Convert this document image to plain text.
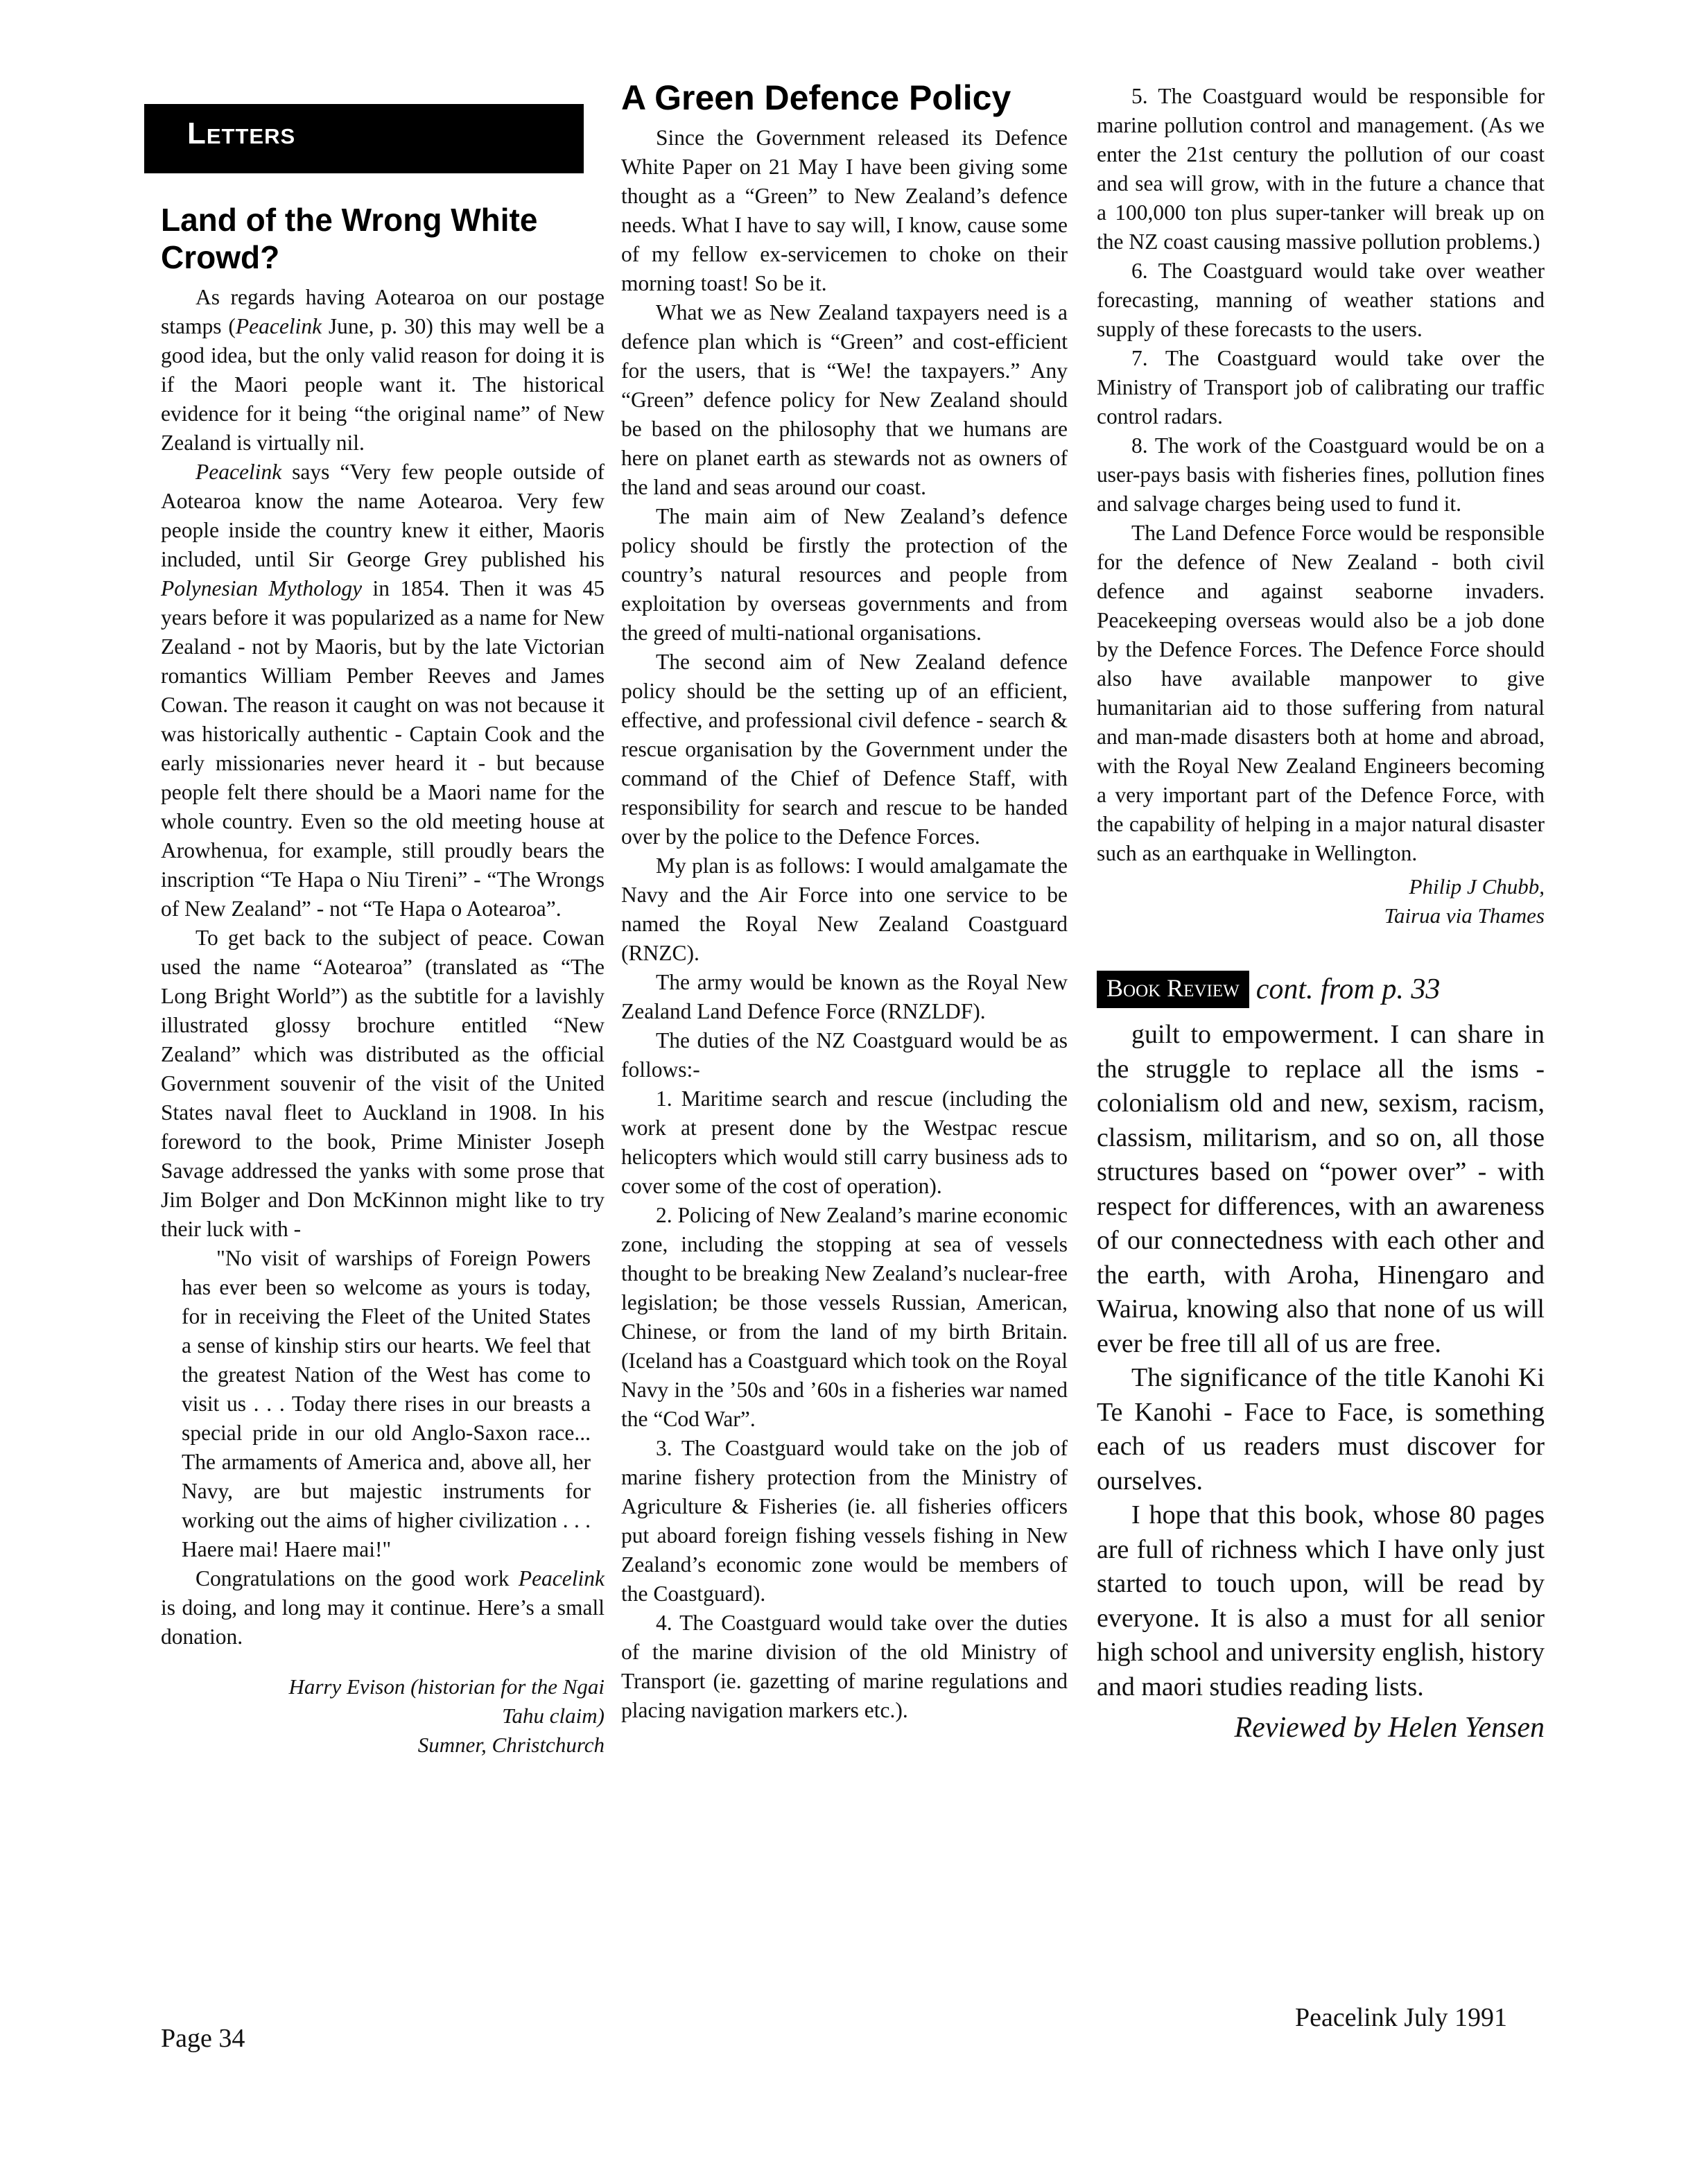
Letters
Land of the Wrong White Crowd?

As regards having Aotearoa on our postage stamps (Peacelink June, p. 30) this may well be a good idea, but the only valid reason for doing it is if the Maori people want it. The historical evidence for it being “the original name” of New Zealand is virtually nil.

Peacelink says “Very few people outside of Aotearoa know the name Aotearoa. Very few people inside the country knew it either, Maoris included, until Sir George Grey published his Polynesian Mythology in 1854. Then it was 45 years before it was popularized as a name for New Zealand - not by Maoris, but by the late Victorian romantics William Pember Reeves and James Cowan. The reason it caught on was not because it was historically authentic - Captain Cook and the early missionaries never heard it - but because people felt there should be a Maori name for the whole country. Even so the old meeting house at Arowhenua, for example, still proudly bears the inscription “Te Hapa o Niu Tireni” - “The Wrongs of New Zealand” - not “Te Hapa o Aotearoa”.

To get back to the subject of peace. Cowan used the name “Aotearoa” (translated as “The Long Bright World”) as the subtitle for a lavishly illustrated glossy brochure entitled “New Zealand” which was distributed as the official Government souvenir of the visit of the United States naval fleet to Auckland in 1908. In his foreword to the book, Prime Minister Joseph Savage addressed the yanks with some prose that Jim Bolger and Don McKinnon might like to try their luck with -

"No visit of warships of Foreign Powers has ever been so welcome as yours is today, for in receiving the Fleet of the United States a sense of kinship stirs our hearts. We feel that the greatest Nation of the West has come to visit us . . . Today there rises in our breasts a special pride in our old Anglo-Saxon race... The armaments of America and, above all, her Navy, are but majestic instruments for working out the aims of higher civilization . . . Haere mai! Haere mai!"

Congratulations on the good work Peacelink is doing, and long may it continue. Here’s a small donation.

Harry Evison (historian for the Ngai Tahu claim)
Sumner, Christchurch
A Green Defence Policy

Since the Government released its Defence White Paper on 21 May I have been giving some thought as a “Green” to New Zealand’s defence needs. What I have to say will, I know, cause some of my fellow ex-servicemen to choke on their morning toast! So be it.

What we as New Zealand taxpayers need is a defence plan which is “Green” and cost-efficient for the users, that is “We! the taxpayers.” Any “Green” defence policy for New Zealand should be based on the philosophy that we humans are here on planet earth as stewards not as owners of the land and seas around our coast.

The main aim of New Zealand’s defence policy should be firstly the protection of the country’s natural resources and people from exploitation by overseas governments and from the greed of multi-national organisations.

The second aim of New Zealand defence policy should be the setting up of an efficient, effective, and professional civil defence - search & rescue organisation by the Government under the command of the Chief of Defence Staff, with responsibility for search and rescue to be handed over by the police to the Defence Forces.

My plan is as follows: I would amalgamate the Navy and the Air Force into one service to be named the Royal New Zealand Coastguard (RNZC).

The army would be known as the Royal New Zealand Land Defence Force (RNZLDF).

The duties of the NZ Coastguard would be as follows:-

1. Maritime search and rescue (including the work at present done by the Westpac rescue helicopters which would still carry business ads to cover some of the cost of operation).

2. Policing of New Zealand’s marine economic zone, including the stopping at sea of vessels thought to be breaking New Zealand’s nuclear-free legislation; be those vessels Russian, American, Chinese, or from the land of my birth Britain. (Iceland has a Coastguard which took on the Royal Navy in the ’50s and ’60s in a fisheries war named the “Cod War”.

3. The Coastguard would take on the job of marine fishery protection from the Ministry of Agriculture & Fisheries (ie. all fisheries officers put aboard foreign fishing vessels fishing in New Zealand’s economic zone would be members of the Coastguard).

4. The Coastguard would take over the duties of the marine division of the old Ministry of Transport (ie. gazetting of marine regulations and placing navigation markers etc.).

5. The Coastguard would be responsible for marine pollution control and management. (As we enter the 21st century the pollution of our coast and sea will grow, with in the future a chance that a 100,000 ton plus super-tanker will break up on the NZ coast causing massive pollution problems.)

6. The Coastguard would take over weather forecasting, manning of weather stations and supply of these forecasts to the users.

7. The Coastguard would take over the Ministry of Transport job of calibrating our traffic control radars.

8. The work of the Coastguard would be on a user-pays basis with fisheries fines, pollution fines and salvage charges being used to fund it.

The Land Defence Force would be responsible for the defence of New Zealand - both civil defence and against seaborne invaders. Peacekeeping overseas would also be a job done by the Defence Forces. The Defence Force should also have available manpower to give humanitarian aid to those suffering from natural and man-made disasters both at home and abroad, with the Royal New Zealand Engineers becoming a very important part of the Defence Force, with the capability of helping in a major natural disaster such as an earthquake in Wellington.

Philip J Chubb,
Tairua via Thames
Book Review cont. from p. 33

guilt to empowerment. I can share in the struggle to replace all the isms - colonialism old and new, sexism, racism, classism, militarism, and so on, all those structures based on “power over” - with respect for differences, with an awareness of our connectedness with each other and the earth, with Aroha, Hinengaro and Wairua, knowing also that none of us will ever be free till all of us are free.

The significance of the title Kanohi Ki Te Kanohi - Face to Face, is something each of us readers must discover for ourselves.

I hope that this book, whose 80 pages are full of richness which I have only just started to touch upon, will be read by everyone. It is also a must for all senior high school and university english, history and maori studies reading lists.

Reviewed by Helen Yensen
Page 34
Peacelink July 1991
